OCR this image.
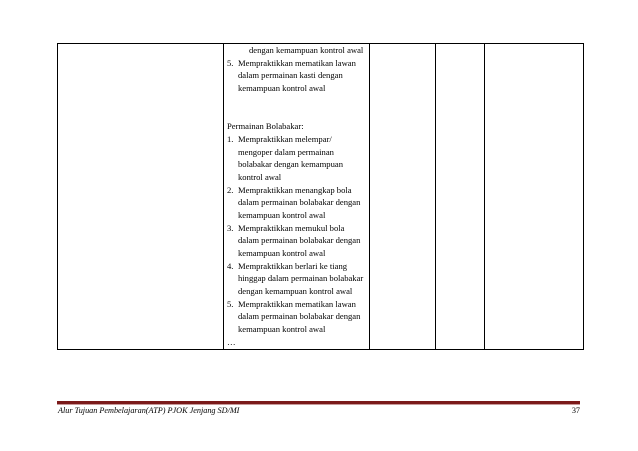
dengan kemampuan kontrol awal
5. Mempraktikkan mematikan lawan
dalam permainan kasti dengan
kemampuan kontrol awal
Permainan Bolabakar:
1. Mempraktikkan melempar/
mengoper dalam permainan
bolabakar dengan kemampuan
kontrol awal
2. Mempraktikkan menangkap bola
dalam permainan bolabakar dengan
kemampuan kontrol awal
3. Mempraktikkan memukul bola
dalam permainan bolabakar dengan
kemampuan kontrol awal
4. Mempraktikkan berlari ke tiang
hinggap dalam permainan bolabakar
dengan kemampuan kontrol awal
5. Mempraktikkan mematikan lawan
dalam permainan bolabakar dengan
kemampuan kontrol awal
…

Alur Tujuan Pembelajaran(ATP) PJOK Jenjang SD/MI	37
